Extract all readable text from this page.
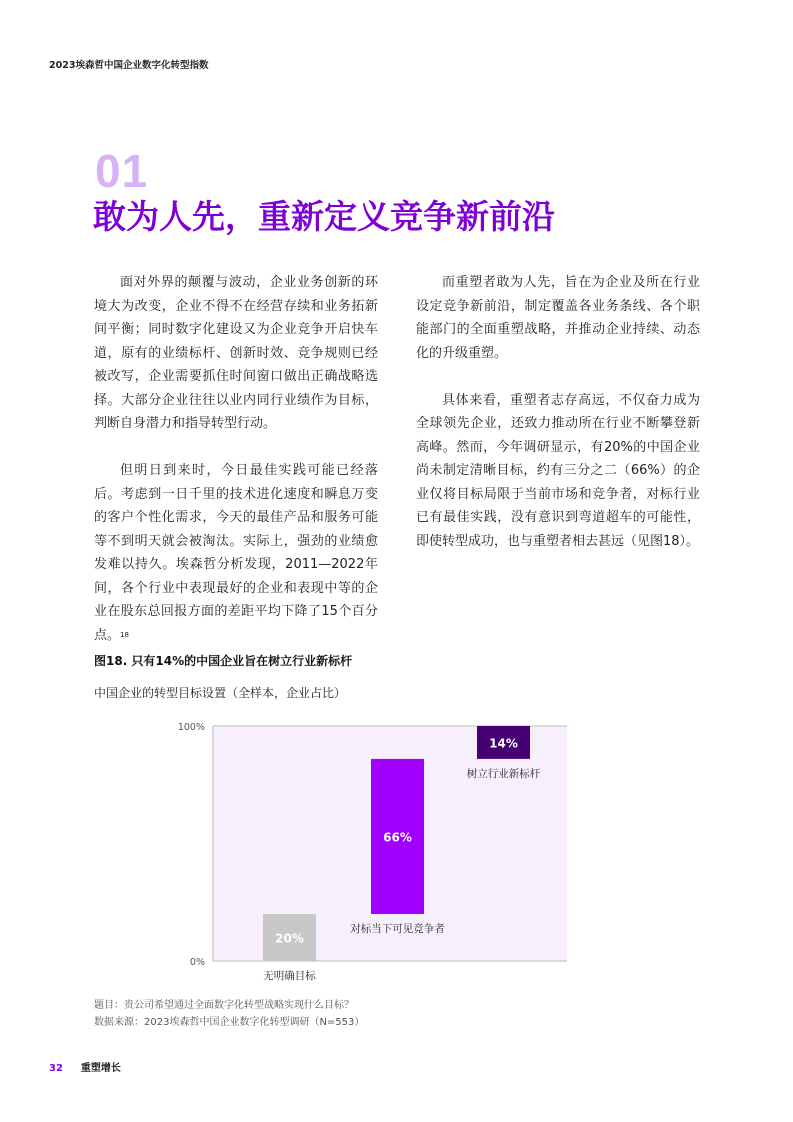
2023埃森哲中国企业数字化转型指数
01
敢为人先，重新定义竞争新前沿

面对外界的颠覆与波动，企业业务创新的环境大为改变，企业不得不在经营存续和业务拓新间平衡；同时数字化建设又为企业竞争开启快车道，原有的业绩标杆、创新时效、竞争规则已经被改写，企业需要抓住时间窗口做出正确战略选择。大部分企业往往以业内同行业绩作为目标，判断自身潜力和指导转型行动。

但明日到来时，今日最佳实践可能已经落后。考虑到一日千里的技术进化速度和瞬息万变的客户个性化需求，今天的最佳产品和服务可能等不到明天就会被淘汰。实际上，强劲的业绩愈发难以持久。埃森哲分析发现，2011—2022年间，各个行业中表现最好的企业和表现中等的企业在股东总回报方面的差距平均下降了15个百分点。$^{18}$

而重塑者敢为人先，旨在为企业及所在行业设定竞争新前沿，制定覆盖各业务条线、各个职能部门的全面重塑战略，并推动企业持续、动态化的升级重塑。

具体来看，重塑者志存高远，不仅奋力成为全球领先企业，还致力推动所在行业不断攀登新高峰。然而，今年调研显示，有20%的中国企业尚未制定清晰目标，约有三分之二（66%）的企业仅将目标局限于当前市场和竞争者，对标行业已有最佳实践，没有意识到弯道超车的可能性，即使转型成功，也与重塑者相去甚远（见图18）。

图18. 只有14%的中国企业旨在树立行业新标杆
中国企业的转型目标设置（全样本，企业占比）
0%
100%
20%
无明确目标
66%
对标当下可见竞争者
14%
树立行业新标杆
题目：贵公司希望通过全面数字化转型战略实现什么目标？
数据来源：2023埃森哲中国企业数字化转型调研（N=553）
32 重塑增长
